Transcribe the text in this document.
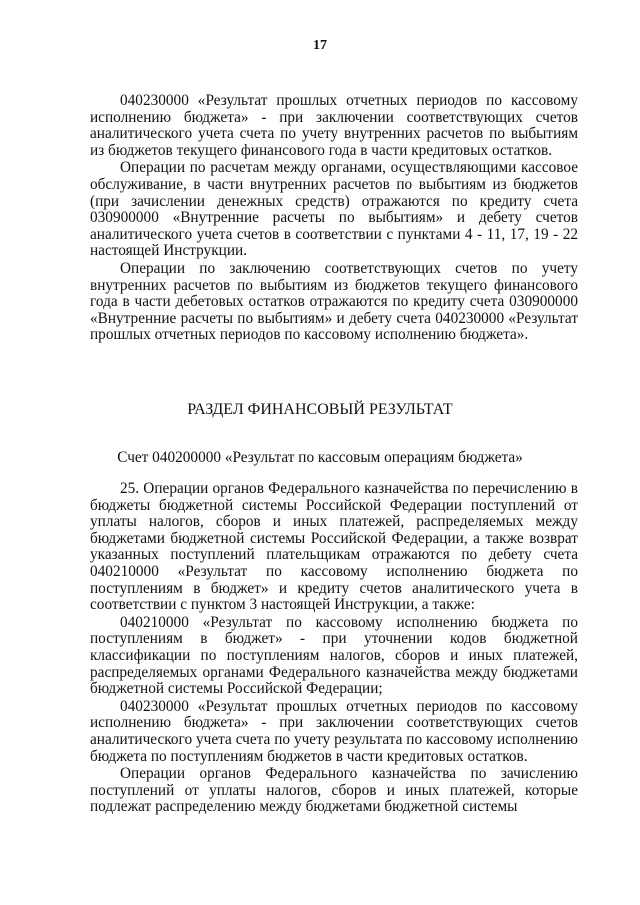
17

040230000 «Результат прошлых отчетных периодов по кассовому исполнению бюджета» - при заключении соответствующих счетов аналитического учета счета по учету внутренних расчетов по выбытиям из бюджетов текущего финансового года в части кредитовых остатков.

Операции по расчетам между органами, осуществляющими кассовое обслуживание, в части внутренних расчетов по выбытиям из бюджетов (при зачислении денежных средств) отражаются по кредиту счета 030900000 «Внутренние расчеты по выбытиям» и дебету счетов аналитического учета счетов в соответствии с пунктами 4 - 11, 17, 19 - 22 настоящей Инструкции.

Операции по заключению соответствующих счетов по учету внутренних расчетов по выбытиям из бюджетов текущего финансового года в части дебетовых остатков отражаются по кредиту счета 030900000 «Внутренние расчеты по выбытиям» и дебету счета 040230000 «Результат прошлых отчетных периодов по кассовому исполнению бюджета».

РАЗДЕЛ ФИНАНСОВЫЙ РЕЗУЛЬТАТ
Счет 040200000 «Результат по кассовым операциям бюджета»

25. Операции органов Федерального казначейства по перечислению в бюджеты бюджетной системы Российской Федерации поступлений от уплаты налогов, сборов и иных платежей, распределяемых между бюджетами бюджетной системы Российской Федерации, а также возврат указанных поступлений плательщикам отражаются по дебету счета 040210000 «Результат по кассовому исполнению бюджета по поступлениям в бюджет» и кредиту счетов аналитического учета в соответствии с пунктом 3 настоящей Инструкции, а также:

040210000 «Результат по кассовому исполнению бюджета по поступлениям в бюджет» - при уточнении кодов бюджетной классификации по поступлениям налогов, сборов и иных платежей, распределяемых органами Федерального казначейства между бюджетами бюджетной системы Российской Федерации;

040230000 «Результат прошлых отчетных периодов по кассовому исполнению бюджета» - при заключении соответствующих счетов аналитического учета счета по учету результата по кассовому исполнению бюджета по поступлениям бюджетов в части кредитовых остатков.

Операции органов Федерального казначейства по зачислению поступлений от уплаты налогов, сборов и иных платежей, которые подлежат распределению между бюджетами бюджетной системы
